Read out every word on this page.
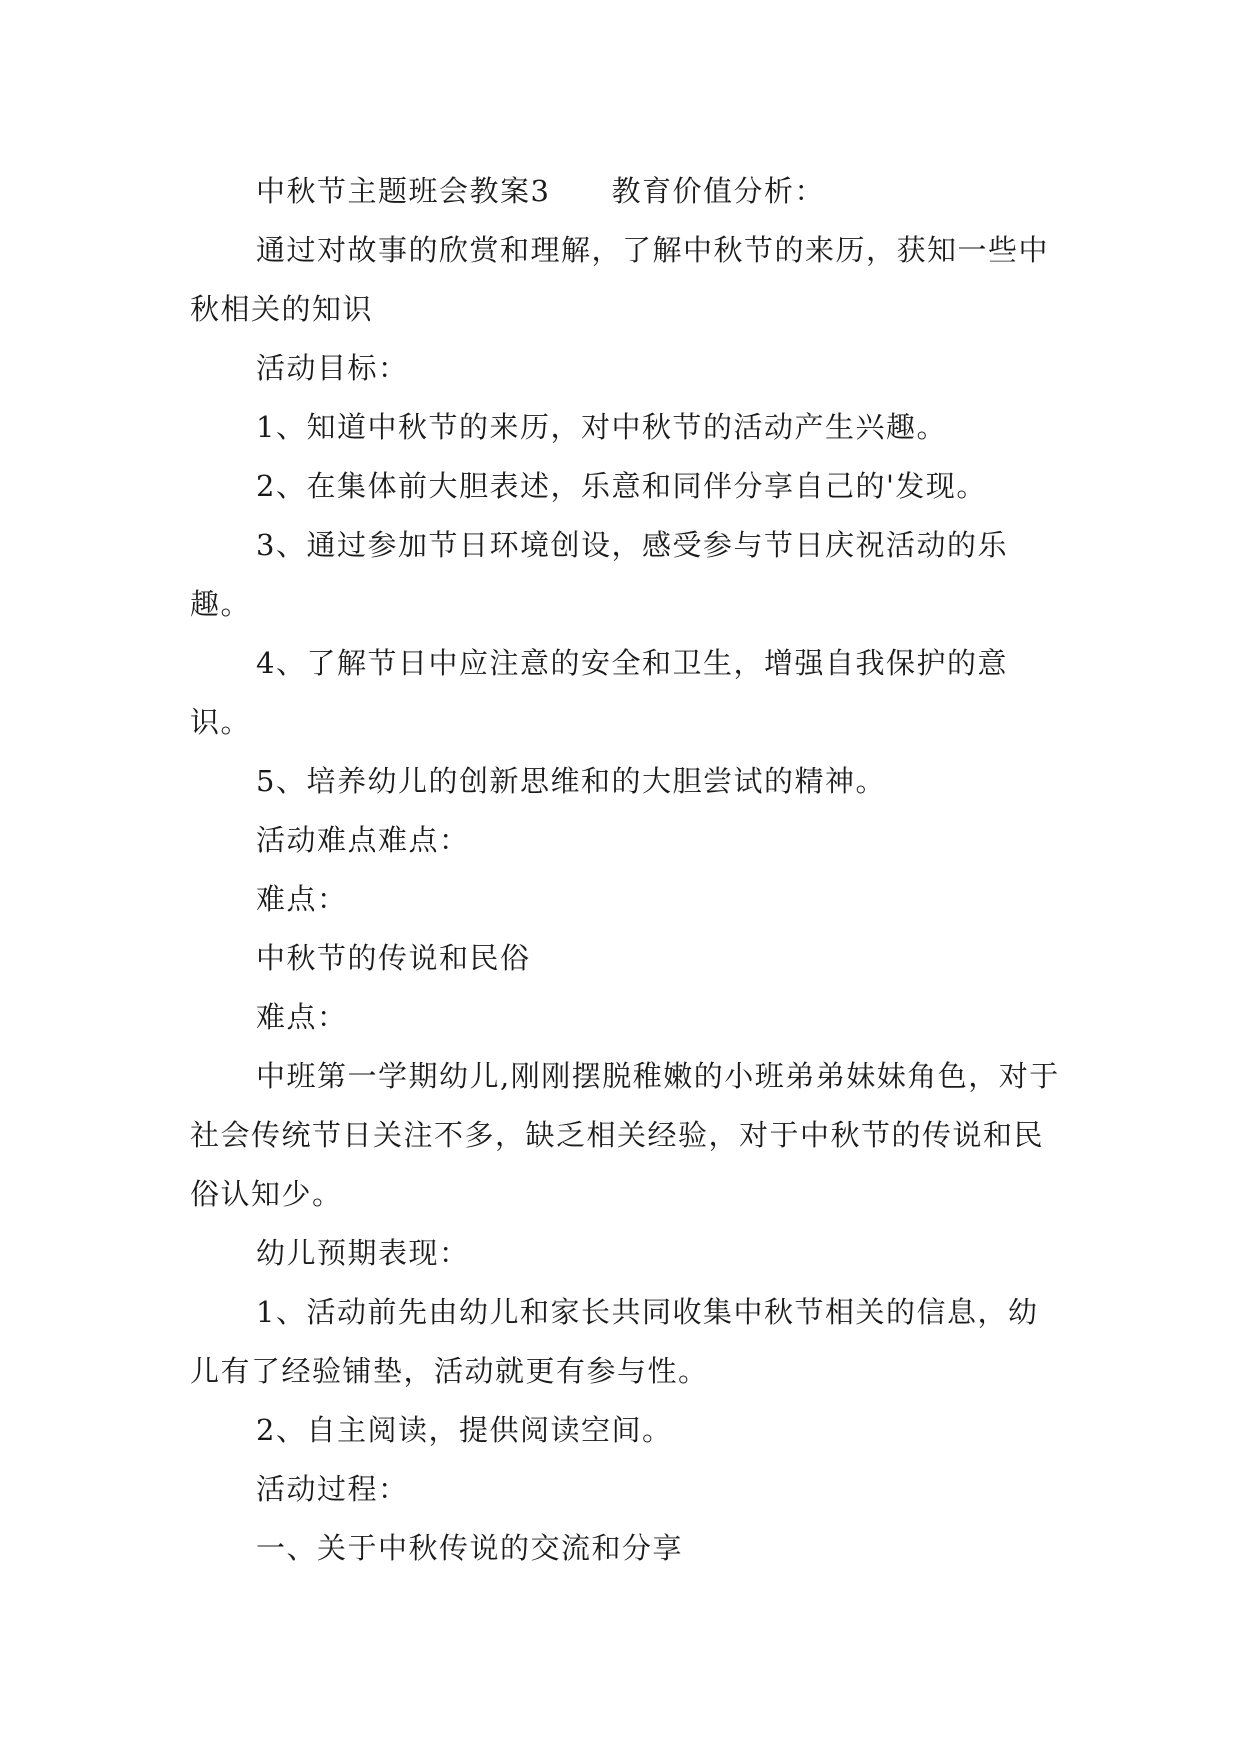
中秋节主题班会教案3　　教育价值分析：

通过对故事的欣赏和理解，了解中秋节的来历，获知一些中秋相关的知识

活动目标：

1、知道中秋节的来历，对中秋节的活动产生兴趣。

2、在集体前大胆表述，乐意和同伴分享自己的'发现。

3、通过参加节日环境创设，感受参与节日庆祝活动的乐趣。

4、了解节日中应注意的安全和卫生，增强自我保护的意识。

5、培养幼儿的创新思维和的大胆尝试的精神。

活动难点难点：

难点：

中秋节的传说和民俗

难点：

中班第一学期幼儿,刚刚摆脱稚嫩的小班弟弟妹妹角色，对于社会传统节日关注不多，缺乏相关经验，对于中秋节的传说和民俗认知少。

幼儿预期表现：

1、活动前先由幼儿和家长共同收集中秋节相关的信息，幼儿有了经验铺垫，活动就更有参与性。

2、自主阅读，提供阅读空间。

活动过程：

一、关于中秋传说的交流和分享
